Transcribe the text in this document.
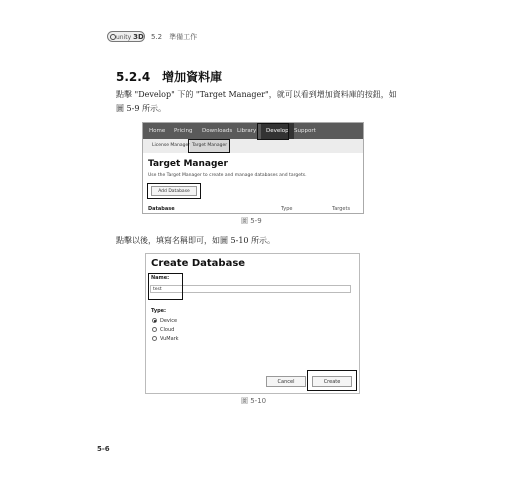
unity 3D 5.2　準備工作
5.2.4　增加資料庫
點擊 "Develop" 下的 "Target Manager"，就可以看到增加資料庫的按鈕，如
圖 5-9 所示。
Home Pricing Downloads Library	Develop Support
License Manager Target Manager
Target Manager
Use the Target Manager to create and manage databases and targets.
Add Database
Database	Type	Targets
圖 5-9
點擊以後，填寫名稱即可，如圖 5-10 所示。
Create Database
Name:
test
Type:
Device
Cloud
VuMark
Cancel	Create
圖 5-10
5-6
